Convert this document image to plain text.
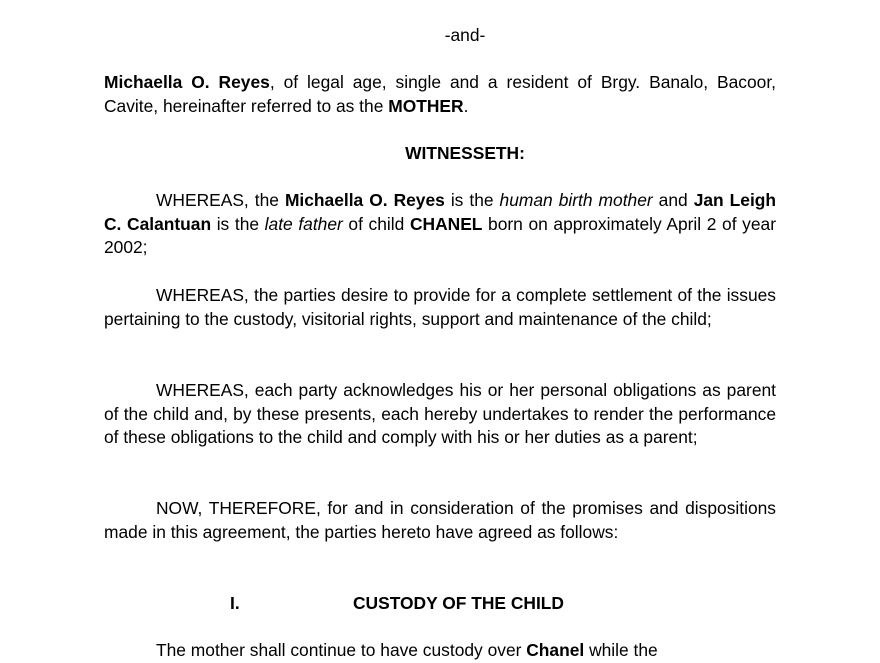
-and-

Michaella O. Reyes, of legal age, single and a resident of Brgy. Banalo, Bacoor, Cavite, hereinafter referred to as the MOTHER.

WITNESSETH:

WHEREAS, the Michaella O. Reyes is the human birth mother and Jan Leigh C. Calantuan is the late father of child CHANEL born on approximately April 2 of year 2002;

WHEREAS, the parties desire to provide for a complete settlement of the issues pertaining to the custody, visitorial rights, support and maintenance of the child;

WHEREAS, each party acknowledges his or her personal obligations as parent of the child and, by these presents, each hereby undertakes to render the performance of these obligations to the child and comply with his or her duties as a parent;

NOW, THEREFORE, for and in consideration of the promises and dispositions made in this agreement, the parties hereto have agreed as follows:

I.	CUSTODY OF THE CHILD

The mother shall continue to have custody over Chanel while the
